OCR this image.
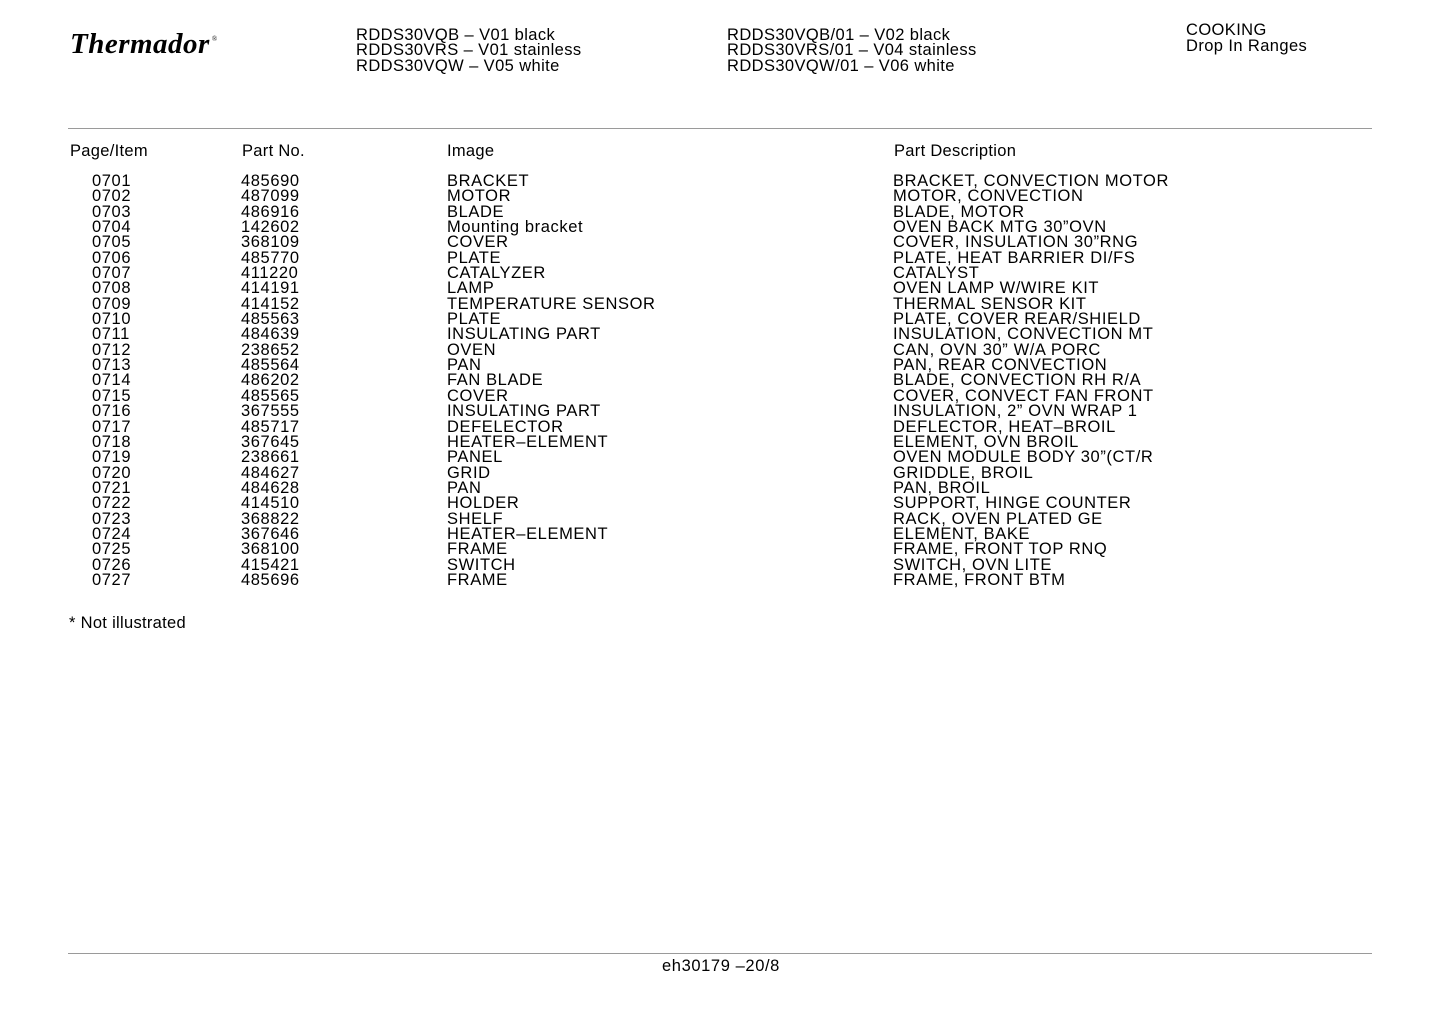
Thermador ®	RDDS30VQB – V01 black
RDDS30VRS – V01 stainless
RDDS30VQW – V05 white
RDDS30VQB/01 – V02 black
RDDS30VRS/01 – V04 stainless
RDDS30VQW/01 – V06 white
COOKING
Drop In Ranges
Page/Item	Part No.	Image	Part Description
0701	485690	BRACKET	BRACKET, CONVECTION MOTOR
0702	487099	MOTOR	MOTOR, CONVECTION
0703	486916	BLADE	BLADE, MOTOR
0704	142602	Mounting bracket	OVEN BACK MTG 30”OVN
0705	368109	COVER	COVER, INSULATION 30”RNG
0706	485770	PLATE	PLATE, HEAT BARRIER DI/FS
0707	411220	CATALYZER	CATALYST
0708	414191	LAMP	OVEN LAMP W/WIRE KIT
0709	414152	TEMPERATURE SENSOR	THERMAL SENSOR KIT
0710	485563	PLATE	PLATE, COVER REAR/SHIELD
0711	484639	INSULATING PART	INSULATION, CONVECTION MT
0712	238652	OVEN	CAN, OVN 30” W/A PORC
0713	485564	PAN	PAN, REAR CONVECTION
0714	486202	FAN BLADE	BLADE, CONVECTION RH R/A
0715	485565	COVER	COVER, CONVECT FAN FRONT
0716	367555	INSULATING PART	INSULATION, 2” OVN WRAP 1
0717	485717	DEFELECTOR	DEFLECTOR, HEAT–BROIL
0718	367645	HEATER–ELEMENT	ELEMENT, OVN BROIL
0719	238661	PANEL	OVEN MODULE BODY 30”(CT/R
0720	484627	GRID	GRIDDLE, BROIL
0721	484628	PAN	PAN, BROIL
0722	414510	HOLDER	SUPPORT, HINGE COUNTER
0723	368822	SHELF	RACK, OVEN PLATED GE
0724	367646	HEATER–ELEMENT	ELEMENT, BAKE
0725	368100	FRAME	FRAME, FRONT TOP RNQ
0726	415421	SWITCH	SWITCH, OVN LITE
0727	485696	FRAME	FRAME, FRONT BTM
* Not illustrated
eh30179 –20/8
